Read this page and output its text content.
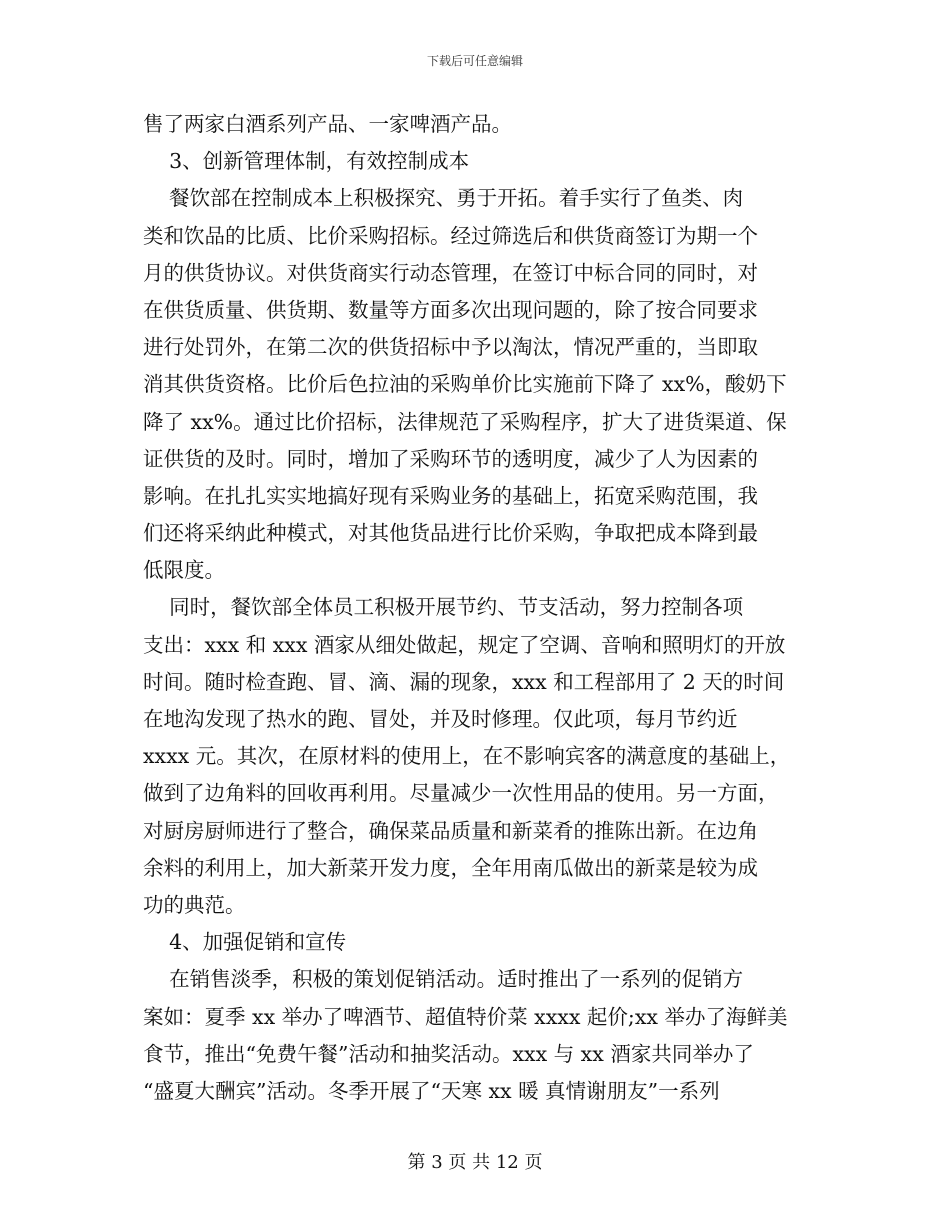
下载后可任意编辑
售了两家白酒系列产品、一家啤酒产品。
3、创新管理体制，有效控制成本
餐饮部在控制成本上积极探究、勇于开拓。着手实行了鱼类、肉
类和饮品的比质、比价采购招标。经过筛选后和供货商签订为期一个
月的供货协议。对供货商实行动态管理，在签订中标合同的同时，对
在供货质量、供货期、数量等方面多次出现问题的，除了按合同要求
进行处罚外，在第二次的供货招标中予以淘汰，情况严重的，当即取
消其供货资格。比价后色拉油的采购单价比实施前下降了 xx%，酸奶下
降了 xx%。通过比价招标，法律规范了采购程序，扩大了进货渠道、保
证供货的及时。同时，增加了采购环节的透明度，减少了人为因素的
影响。在扎扎实实地搞好现有采购业务的基础上，拓宽采购范围，我
们还将采纳此种模式，对其他货品进行比价采购，争取把成本降到最
低限度。
同时，餐饮部全体员工积极开展节约、节支活动，努力控制各项
支出：xxx 和 xxx 酒家从细处做起，规定了空调、音响和照明灯的开放
时间。随时检查跑、冒、滴、漏的现象，xxx 和工程部用了 2 天的时间
在地沟发现了热水的跑、冒处，并及时修理。仅此项，每月节约近
xxxx 元。其次，在原材料的使用上，在不影响宾客的满意度的基础上，
做到了边角料的回收再利用。尽量减少一次性用品的使用。另一方面，
对厨房厨师进行了整合，确保菜品质量和新菜肴的推陈出新。在边角
余料的利用上，加大新菜开发力度，全年用南瓜做出的新菜是较为成
功的典范。
4、加强促销和宣传
在销售淡季，积极的策划促销活动。适时推出了一系列的促销方
案如：夏季 xx 举办了啤酒节、超值特价菜 xxxx 起价;xx 举办了海鲜美
食节，推出“免费午餐”活动和抽奖活动。xxx 与 xx 酒家共同举办了
“盛夏大酬宾”活动。冬季开展了“天寒 xx 暖 真情谢朋友”一系列
第 3 页 共 12 页
